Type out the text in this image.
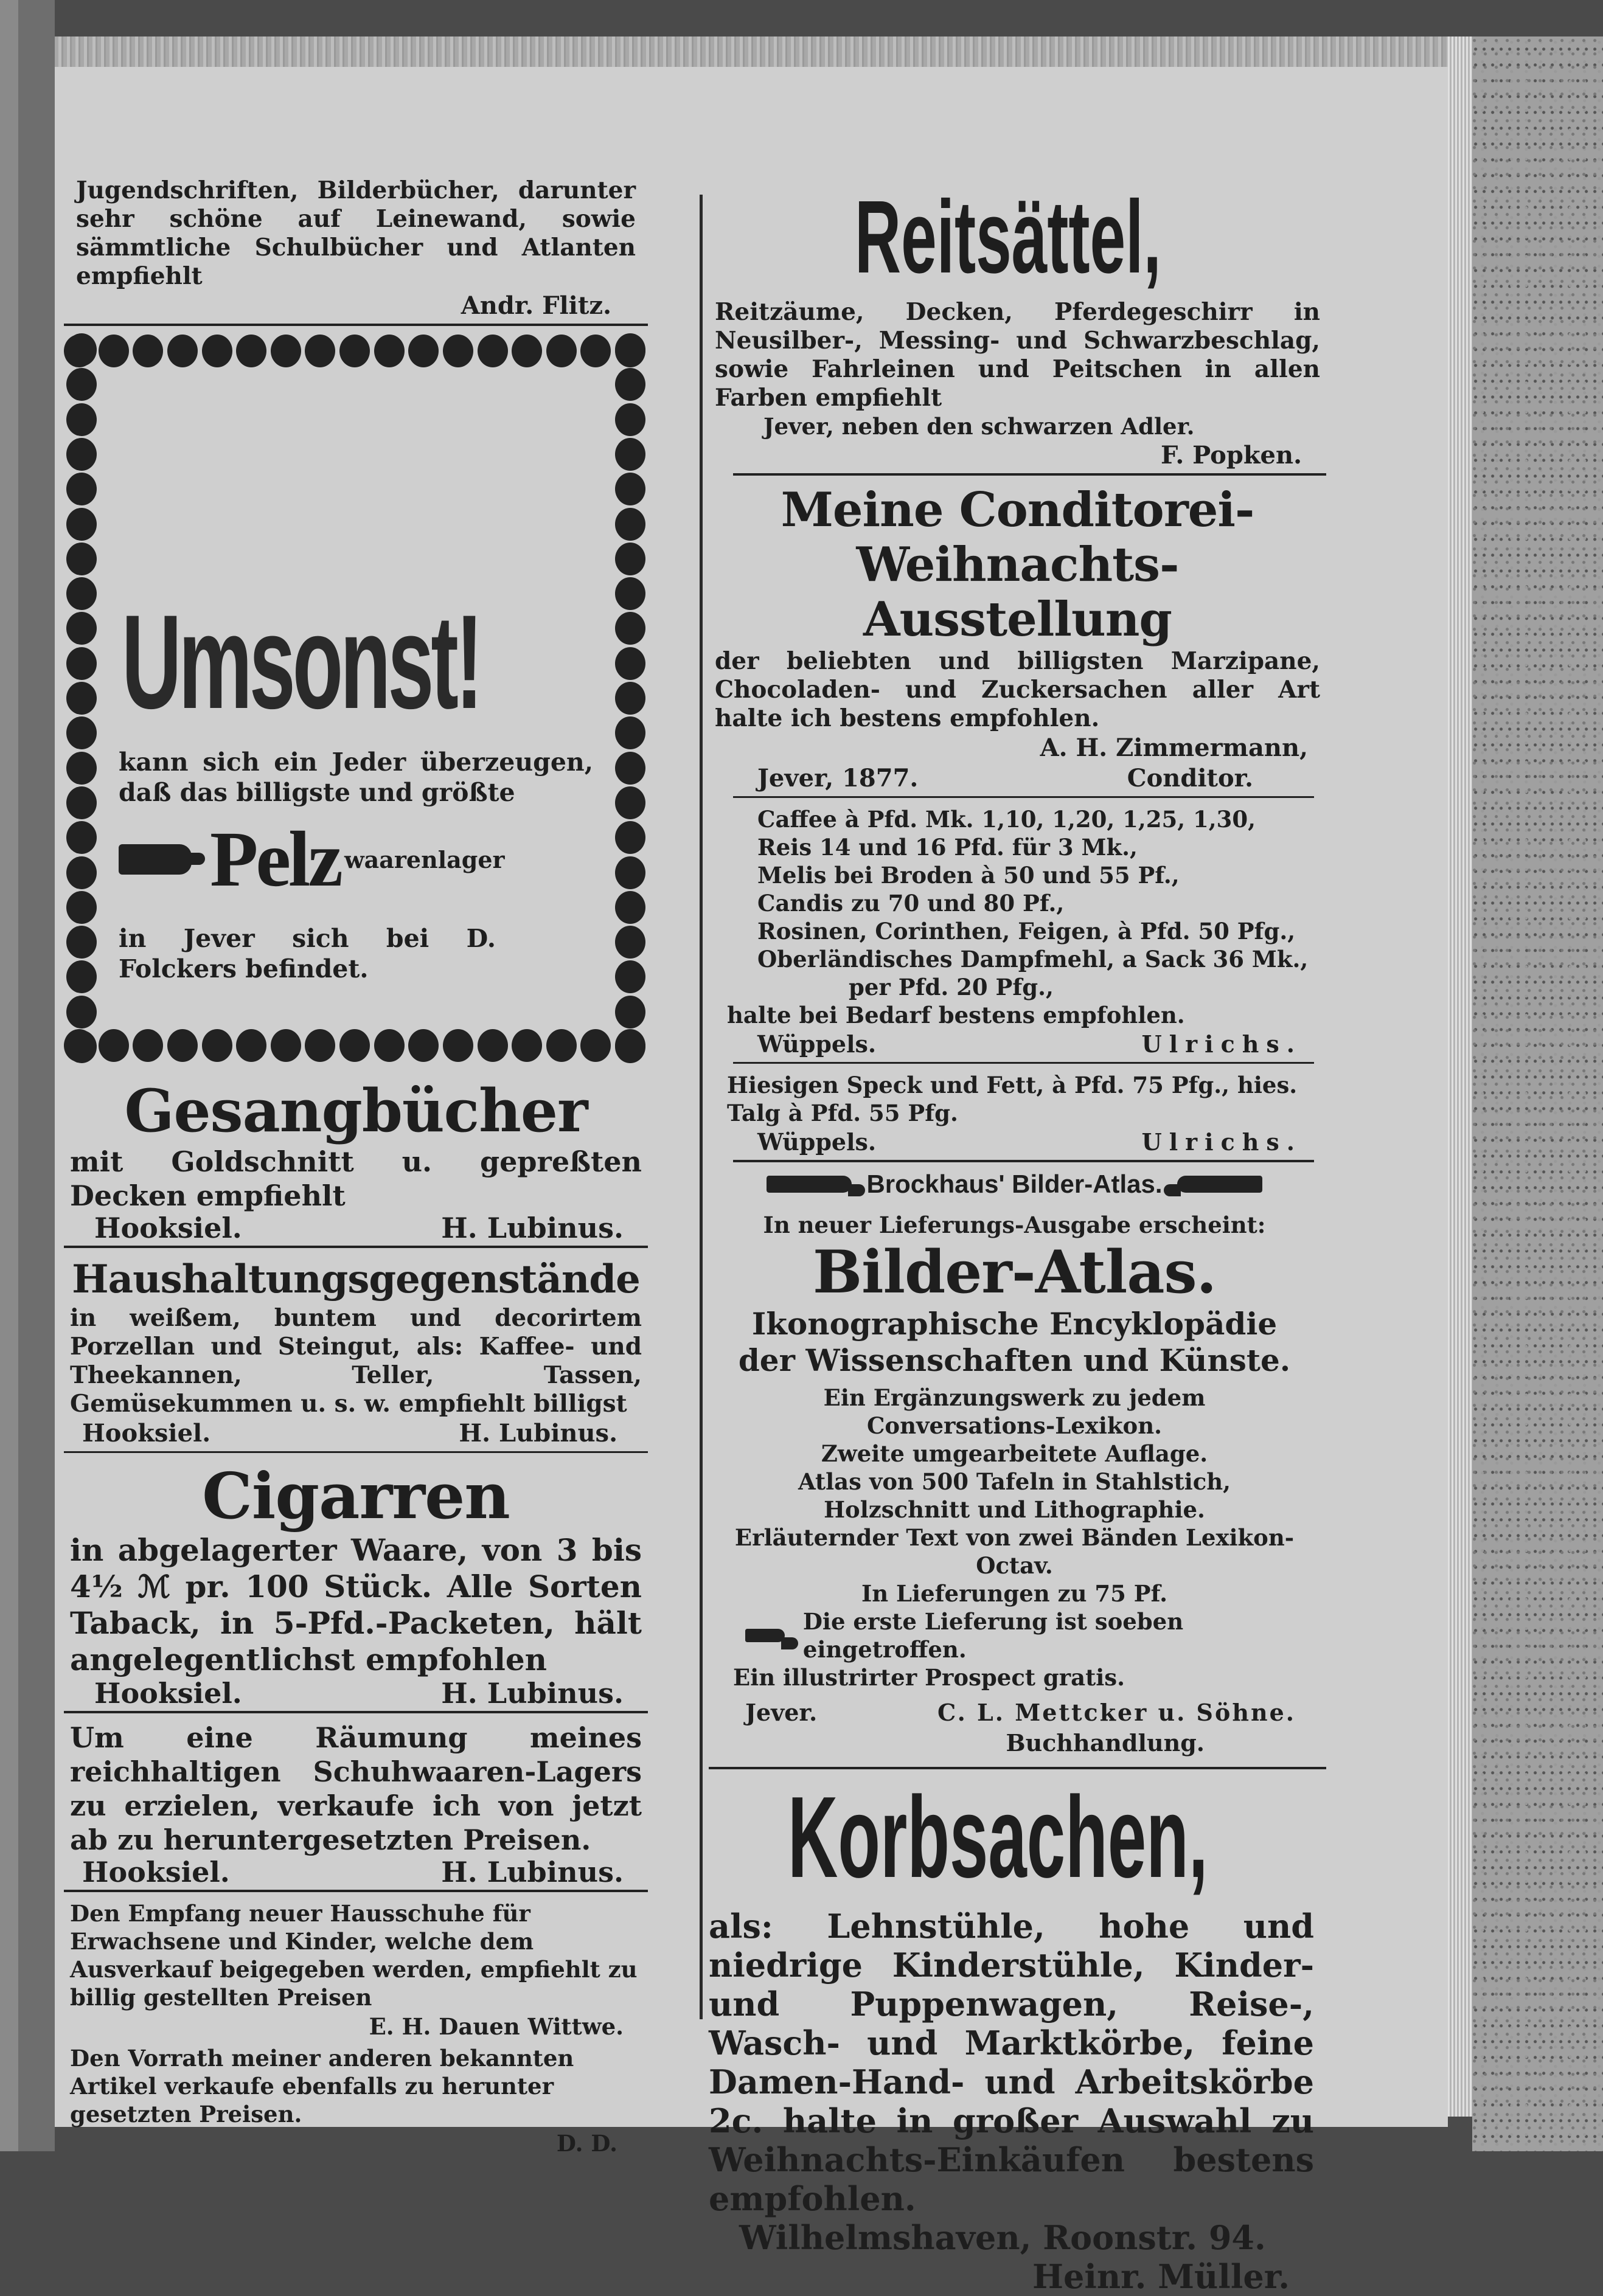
Jugendschriften, Bilderbücher, darunter sehr schöne auf Leinewand, sowie sämmtliche Schulbücher und Atlanten empfiehlt
Andr. Flitz.
Umsonst!
kann sich ein Jeder überzeugen, daß das billigste und größte
Pelz waarenlager
in Jever sich bei D. Folckers befindet.
Gesangbücher
mit Goldschnitt u. gepreßten Decken empfiehlt
Hooksiel.	H. Lubinus.
Haushaltungsgegenstände
in weißem, buntem und decorirtem Porzellan und Steingut, als: Kaffee- und Theekannen, Teller, Tassen, Gemüsekummen u. s. w. empfiehlt billigst
Hooksiel.	H. Lubinus.
Cigarren
in abgelagerter Waare, von 3 bis 4½ ℳ pr. 100 Stück. Alle Sorten Taback, in 5-Pfd.-Packeten, hält angelegentlichst empfohlen
Hooksiel.	H. Lubinus.
Um eine Räumung meines reichhaltigen Schuhwaaren-Lagers zu erzielen, verkaufe ich von jetzt ab zu heruntergesetzten Preisen.
Hooksiel.	H. Lubinus.
Den Empfang neuer Hausschuhe für Erwachsene und Kinder, welche dem Ausverkauf beigegeben werden, empfiehlt zu billig gestellten Preisen
E. H. Dauen Wittwe.
Den Vorrath meiner anderen bekannten Artikel verkaufe ebenfalls zu herunter gesetzten Preisen.
D. D.
Reitsättel,
Reitzäume, Decken, Pferdegeschirr in Neusilber-, Messing- und Schwarzbeschlag, sowie Fahrleinen und Peitschen in allen Farben empfiehlt
Jever, neben den schwarzen Adler.
F. Popken.
Meine Conditorei-
Weihnachts-Ausstellung
der beliebten und billigsten Marzipane, Chocoladen- und Zuckersachen aller Art halte ich bestens empfohlen.
A. H. Zimmermann,
Jever, 1877.	Conditor.
Caffee à Pfd. Mk. 1,10, 1,20, 1,25, 1,30,
Reis 14 und 16 Pfd. für 3 Mk.,
Melis bei Broden à 50 und 55 Pf.,
Candis zu 70 und 80 Pf.,
Rosinen, Corinthen, Feigen, à Pfd. 50 Pfg.,
Oberländisches Dampfmehl, a Sack 36 Mk.,
per Pfd. 20 Pfg.,
halte bei Bedarf bestens empfohlen.
Wüppels.	Ulrichs.
Hiesigen Speck und Fett, à Pfd. 75 Pfg., hies. Talg à Pfd. 55 Pfg.
Wüppels.	Ulrichs.
Brockhaus' Bilder-Atlas.
In neuer Lieferungs-Ausgabe erscheint:
Bilder-Atlas.
Ikonographische Encyklopädie der Wissenschaften und Künste.
Ein Ergänzungswerk zu jedem Conversations-Lexikon.
Zweite umgearbeitete Auflage.
Atlas von 500 Tafeln in Stahlstich, Holzschnitt und Lithographie.
Erläuternder Text von zwei Bänden Lexikon-Octav.
In Lieferungen zu 75 Pf.
Die erste Lieferung ist soeben eingetroffen.
Ein illustrirter Prospect gratis.
Jever.	C. L. Mettcker u. Söhne.
Buchhandlung.
Korbsachen,
als: Lehnstühle, hohe und niedrige Kinderstühle, Kinder- und Puppenwagen, Reise-, Wasch- und Marktkörbe, feine Damen-Hand- und Arbeitskörbe 2c. halte in großer Auswahl zu Weihnachts-Einkäufen bestens empfohlen.
Wilhelmshaven, Roonstr. 94.
Heinr. Müller.
